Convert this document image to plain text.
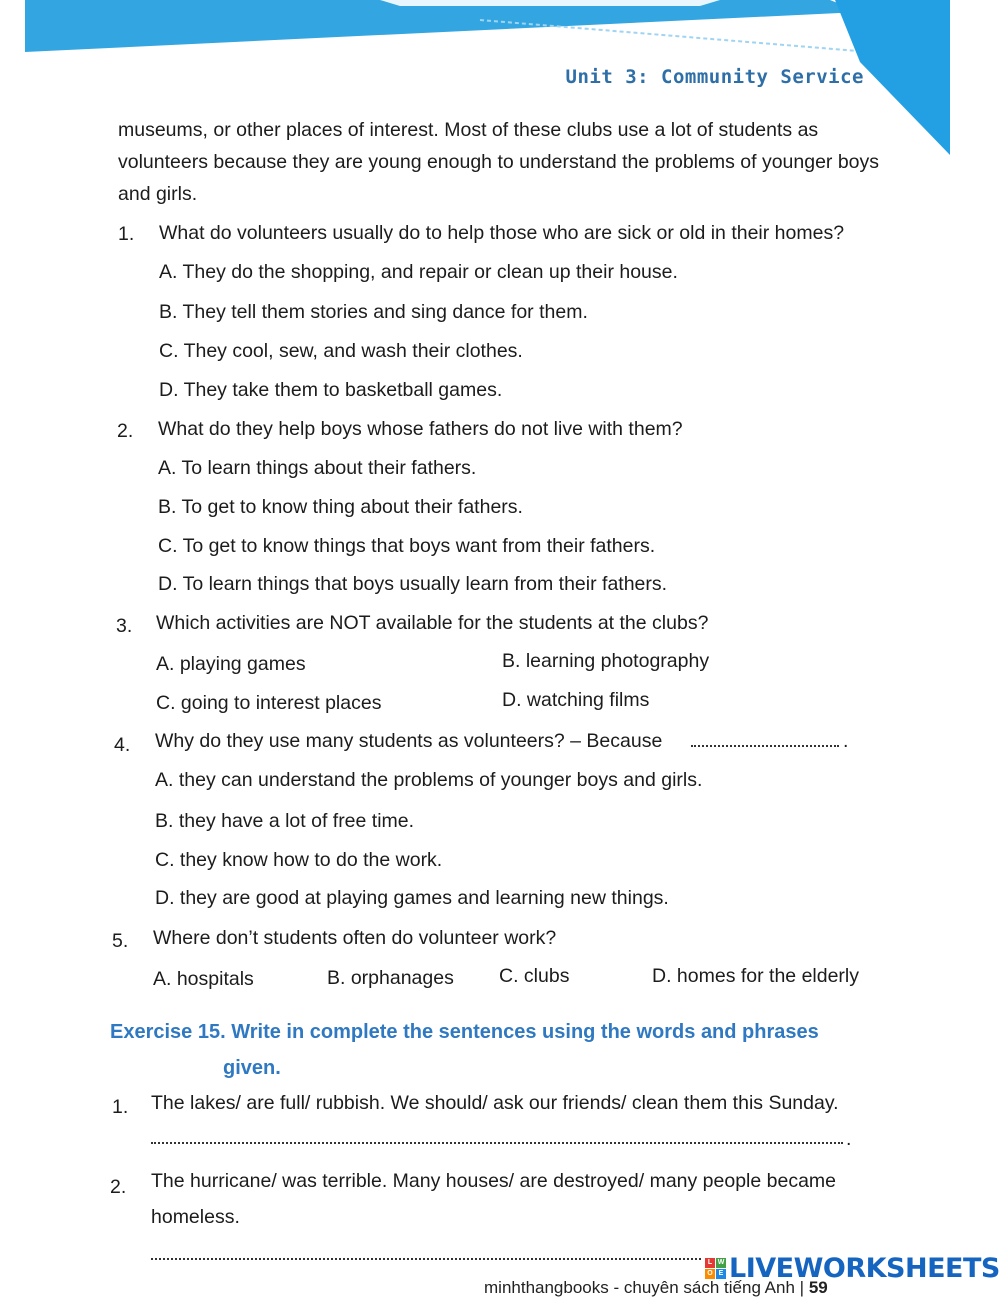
Unit 3: Community Service
museums, or other places of interest. Most of these clubs use a lot of students as volunteers because they are young enough to understand the problems of younger boys and girls.
1. What do volunteers usually do to help those who are sick or old in their homes?
A. They do the shopping, and repair or clean up their house.
B. They tell them stories and sing dance for them.
C. They cool, sew, and wash their clothes.
D. They take them to basketball games.
2. What do they help boys whose fathers do not live with them?
A. To learn things about their fathers.
B. To get to know thing about their fathers.
C. To get to know things that boys want from their fathers.
D. To learn things that boys usually learn from their fathers.
3. Which activities are NOT available for the students at the clubs?
A. playing games	B. learning photography
C. going to interest places	D. watching films
4. Why do they use many students as volunteers? – Because	.
A. they can understand the problems of younger boys and girls.
B. they have a lot of free time.
C. they know how to do the work.
D. they are good at playing games and learning new things.
5. Where don’t students often do volunteer work?
A. hospitals	B. orphanages C. clubs	D. homes for the elderly
Exercise 15. Write in complete the sentences using the words and phrases
given.
1. The lakes/ are full/ rubbish. We should/ ask our friends/ clean them this Sunday.
.
2. The hurricane/ was terrible. Many houses/ are destroyed/ many people became
homeless.
minhthangbooks - chuyên sách tiếng Anh | 59
L W
O E LIVEWORKSHEETS
